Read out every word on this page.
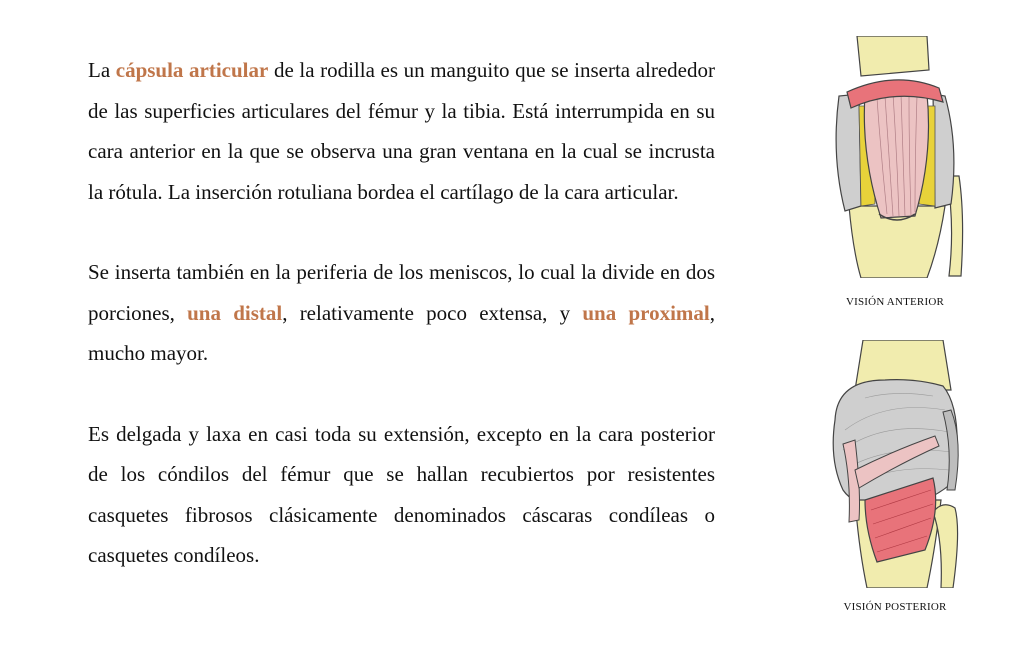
La cápsula articular de la rodilla es un manguito que se inserta alrededor de las superficies articulares del fémur y la tibia. Está interrumpida en su cara anterior en la que se observa una gran ventana en la cual se incrusta la rótula. La inserción rotuliana bordea el cartílago de la cara articular.

Se inserta también en la periferia de los meniscos, lo cual la divide en dos porciones, una distal, relativamente poco extensa, y una proximal, mucho mayor.

Es delgada y laxa en casi toda su extensión, excepto en la cara posterior de los cóndilos del fémur que se hallan recubiertos por resistentes casquetes fibrosos clásicamente denominados cáscaras condíleas o casquetes condíleos.

VISIÓN ANTERIOR
VISIÓN POSTERIOR
